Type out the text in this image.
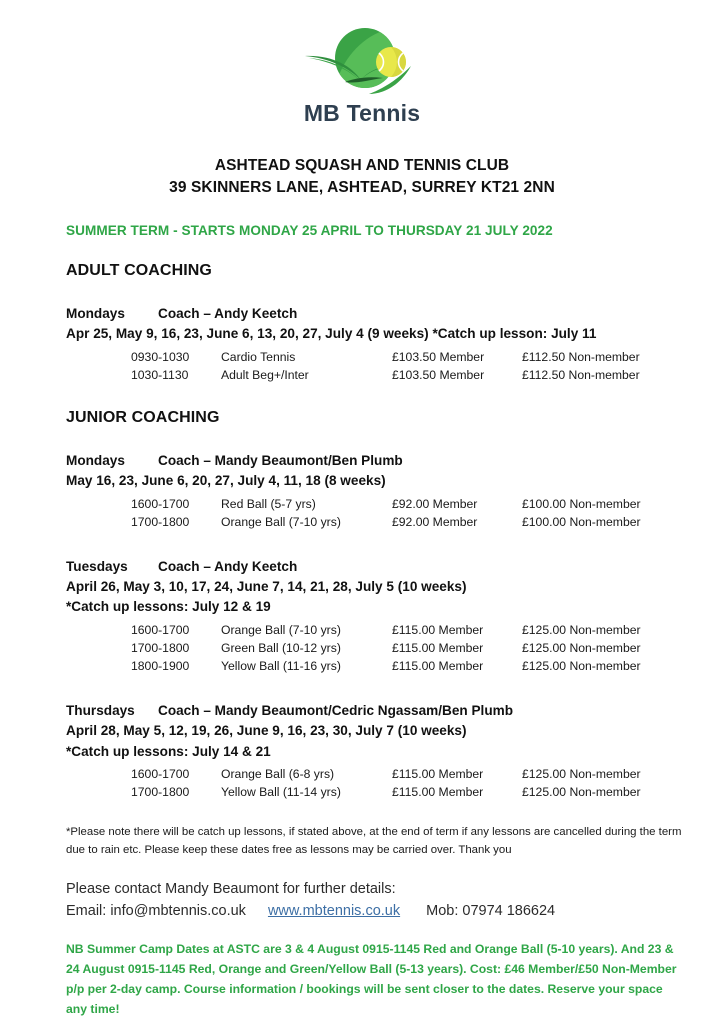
MB Tennis
ASHTEAD SQUASH AND TENNIS CLUB
39 SKINNERS LANE, ASHTEAD, SURREY KT21 2NN
SUMMER TERM - STARTS MONDAY 25 APRIL TO THURSDAY 21 JULY 2022
ADULT COACHING
Mondays Coach – Andy Keetch
Apr 25, May 9, 16, 23, June 6, 13, 20, 27, July 4 (9 weeks) *Catch up lesson: July 11
0930-1030	Cardio Tennis	£103.50 Member	£112.50 Non-member
1030-1130	Adult Beg+/Inter	£103.50 Member	£112.50 Non-member
JUNIOR COACHING
Mondays Coach – Mandy Beaumont/Ben Plumb
May 16, 23, June 6, 20, 27, July 4, 11, 18 (8 weeks)
1600-1700	Red Ball (5-7 yrs)	£92.00 Member	£100.00 Non-member
1700-1800	Orange Ball (7-10 yrs)	£92.00 Member	£100.00 Non-member
Tuesdays Coach – Andy Keetch
April 26, May 3, 10, 17, 24, June 7, 14, 21, 28, July 5 (10 weeks)
*Catch up lessons: July 12 & 19
1600-1700	Orange Ball (7-10 yrs)	£115.00 Member	£125.00 Non-member
1700-1800	Green Ball (10-12 yrs)	£115.00 Member	£125.00 Non-member
1800-1900	Yellow Ball (11-16 yrs)	£115.00 Member	£125.00 Non-member
Thursdays Coach – Mandy Beaumont/Cedric Ngassam/Ben Plumb
April 28, May 5, 12, 19, 26, June 9, 16, 23, 30, July 7 (10 weeks)
*Catch up lessons: July 14 & 21
1600-1700	Orange Ball (6-8 yrs)	£115.00 Member	£125.00 Non-member
1700-1800	Yellow Ball (11-14 yrs)	£115.00 Member	£125.00 Non-member
*Please note there will be catch up lessons, if stated above, at the end of term if any lessons are cancelled during the term due to rain etc. Please keep these dates free as lessons may be carried over. Thank you
Please contact Mandy Beaumont for further details:
Email: info@mbtennis.co.uk www.mbtennis.co.uk Mob: 07974 186624
NB Summer Camp Dates at ASTC are 3 & 4 August 0915-1145 Red and Orange Ball (5-10 years). And 23 & 24 August 0915-1145 Red, Orange and Green/Yellow Ball (5-13 years). Cost: £46 Member/£50 Non-Member p/p per 2-day camp. Course information / bookings will be sent closer to the dates. Reserve your space any time!
